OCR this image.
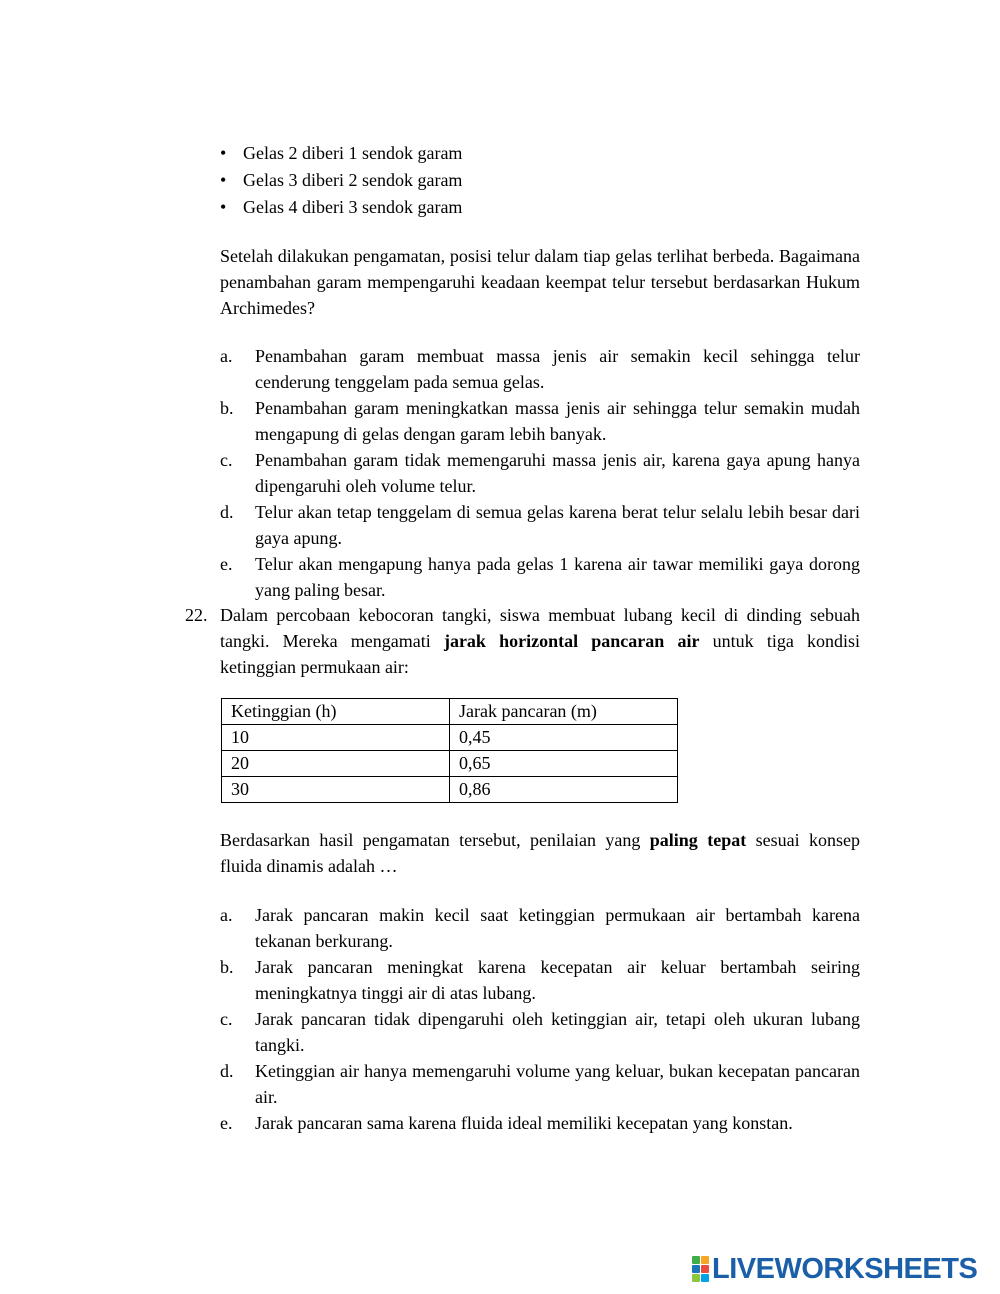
• Gelas 2 diberi 1 sendok garam
• Gelas 3 diberi 2 sendok garam
• Gelas 4 diberi 3 sendok garam

Setelah dilakukan pengamatan, posisi telur dalam tiap gelas terlihat berbeda. Bagaimana penambahan garam mempengaruhi keadaan keempat telur tersebut berdasarkan Hukum Archimedes?

a. Penambahan garam membuat massa jenis air semakin kecil sehingga telur cenderung tenggelam pada semua gelas.
b. Penambahan garam meningkatkan massa jenis air sehingga telur semakin mudah mengapung di gelas dengan garam lebih banyak.
c. Penambahan garam tidak memengaruhi massa jenis air, karena gaya apung hanya dipengaruhi oleh volume telur.
d. Telur akan tetap tenggelam di semua gelas karena berat telur selalu lebih besar dari gaya apung.
e. Telur akan mengapung hanya pada gelas 1 karena air tawar memiliki gaya dorong yang paling besar.
22. Dalam percobaan kebocoran tangki, siswa membuat lubang kecil di dinding sebuah tangki. Mereka mengamati jarak horizontal pancaran air untuk tiga kondisi ketinggian permukaan air:

Ketinggian (h)	Jarak pancaran (m)
10	0,45
20	0,65
30	0,86

Berdasarkan hasil pengamatan tersebut, penilaian yang paling tepat sesuai konsep fluida dinamis adalah …

a. Jarak pancaran makin kecil saat ketinggian permukaan air bertambah karena tekanan berkurang.
b. Jarak pancaran meningkat karena kecepatan air keluar bertambah seiring meningkatnya tinggi air di atas lubang.
c. Jarak pancaran tidak dipengaruhi oleh ketinggian air, tetapi oleh ukuran lubang tangki.
d. Ketinggian air hanya memengaruhi volume yang keluar, bukan kecepatan pancaran air.
e. Jarak pancaran sama karena fluida ideal memiliki kecepatan yang konstan.
LIVEWORKSHEETS
